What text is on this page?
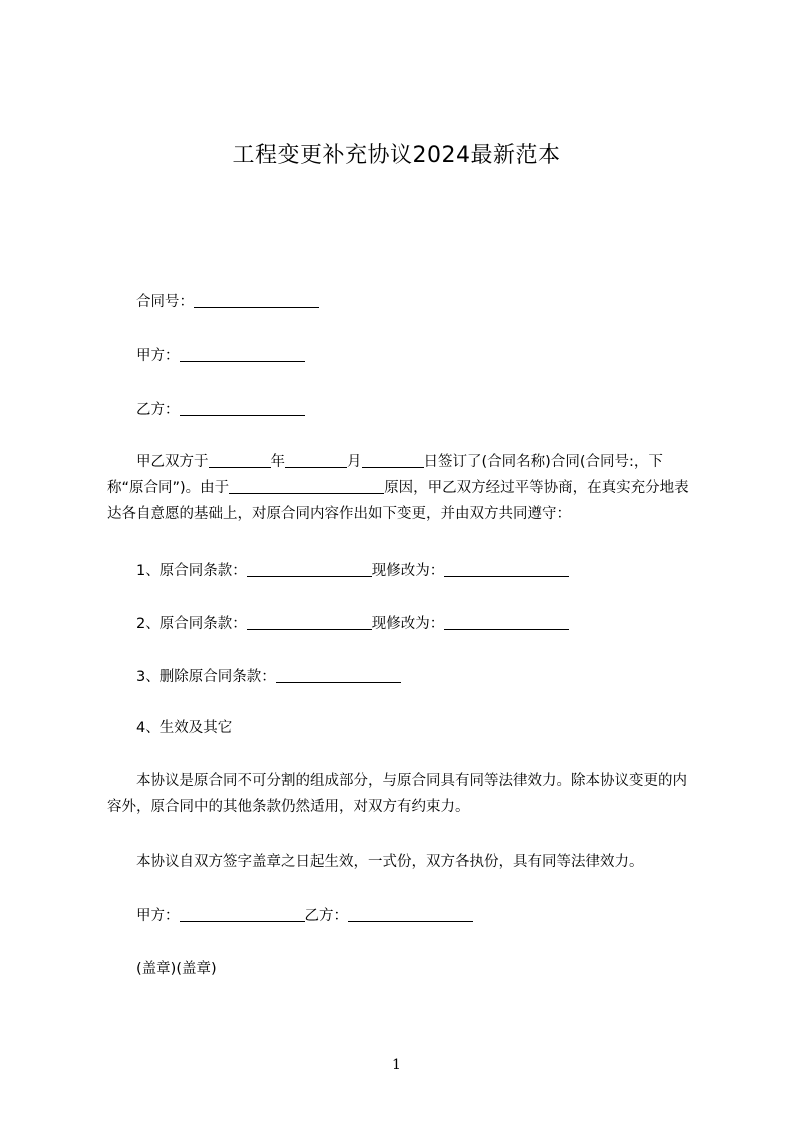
工程变更补充协议2024最新范本
合同号：
甲方：
乙方：
甲乙双方于	年	月	日签订了(合同名称)合同(合同号:，下称“原合同”)。由于	原因，甲乙双方经过平等协商，在真实充分地表达各自意愿的基础上，对原合同内容作出如下变更，并由双方共同遵守：
1、原合同条款：	现修改为：
2、原合同条款：	现修改为：
3、删除原合同条款：
4、生效及其它
本协议是原合同不可分割的组成部分，与原合同具有同等法律效力。除本协议变更的内容外，原合同中的其他条款仍然适用，对双方有约束力。
本协议自双方签字盖章之日起生效，一式份，双方各执份，具有同等法律效力。
甲方：	乙方：
(盖章)(盖章)
1
